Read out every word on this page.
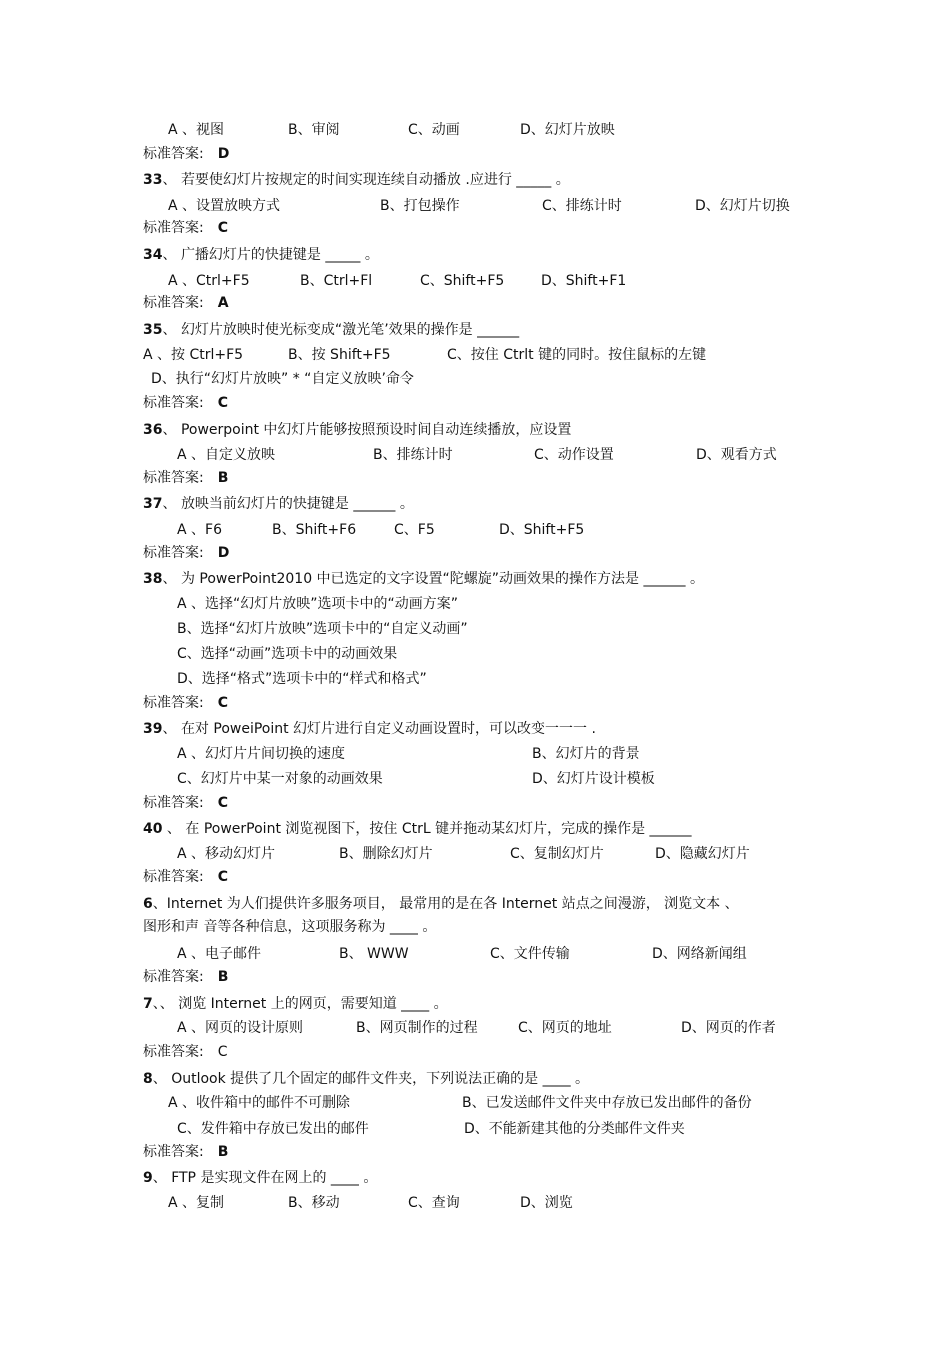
A 、视图	B、审阅	C、动画	D、幻灯片放映
标准答案: D
33、 若要使幻灯片按规定的时间实现连续自动播放 .应进行 _____ 。
A 、设置放映方式	B、打包操作	C、排练计时	D、幻灯片切换
标准答案: C
34、 广播幻灯片的快捷键是 _____ 。
A 、Ctrl+F5	B、Ctrl+Fl	C、Shift+F5	D、Shift+F1
标准答案: A
35、 幻灯片放映时使光标变成“激光笔’效果的操作是 ______
A 、按 Ctrl+F5	B、按 Shift+F5	C、按住 Ctrlt 键的同时。按住鼠标的左键
D、执行“幻灯片放映” * “自定义放映’命令
标准答案: C
36、 Powerpoint 中幻灯片能够按照预设时间自动连续播放，应设置
A 、自定义放映	B、排练计时	C、动作设置	D、观看方式
标准答案: B
37、 放映当前幻灯片的快捷键是 ______ 。
A 、F6	B、Shift+F6	C、F5	D、Shift+F5
标准答案: D
38、 为 PowerPoint2010 中已选定的文字设置“陀螺旋”动画效果的操作方法是 ______ 。
A 、选择“幻灯片放映”选项卡中的“动画方案”
B、选择“幻灯片放映”选项卡中的“自定义动画”
C、选择“动画”选项卡中的动画效果
D、选择“格式”选项卡中的“样式和格式”
标准答案: C
39、 在对 PoweiPoint 幻灯片进行自定义动画设置时，可以改变一一一 .
A 、幻灯片片间切换的速度	B、幻灯片的背景
C、幻灯片中某一对象的动画效果	D、幻灯片设计模板
标准答案: C
40 、 在 PowerPoint 浏览视图下，按住 CtrL 键并拖动某幻灯片，完成的操作是 ______
A 、移动幻灯片	B、删除幻灯片	C、复制幻灯片	D、隐藏幻灯片
标准答案: C
6、Internet 为人们提供许多服务项目， 最常用的是在各 Internet 站点之间漫游， 浏览文本 、
图形和声 音等各种信息，这项服务称为 ____ 。
A 、电子邮件	B、 WWW	C、文件传输	D、网络新闻组
标准答案: B
7、、 浏览 Internet 上的网页，需要知道 ____ 。
A 、网页的设计原则	B、网页制作的过程	C、网页的地址	D、网页的作者
标准答案: C
8、 Outlook 提供了几个固定的邮件文件夹，下列说法正确的是 ____ 。
A 、收件箱中的邮件不可删除	B、已发送邮件文件夹中存放已发出邮件的备份
C、发件箱中存放已发出的邮件	D、不能新建其他的分类邮件文件夹
标准答案: B
9、 FTP 是实现文件在网上的 ____ 。
A 、复制	B、移动	C、查询	D、浏览
